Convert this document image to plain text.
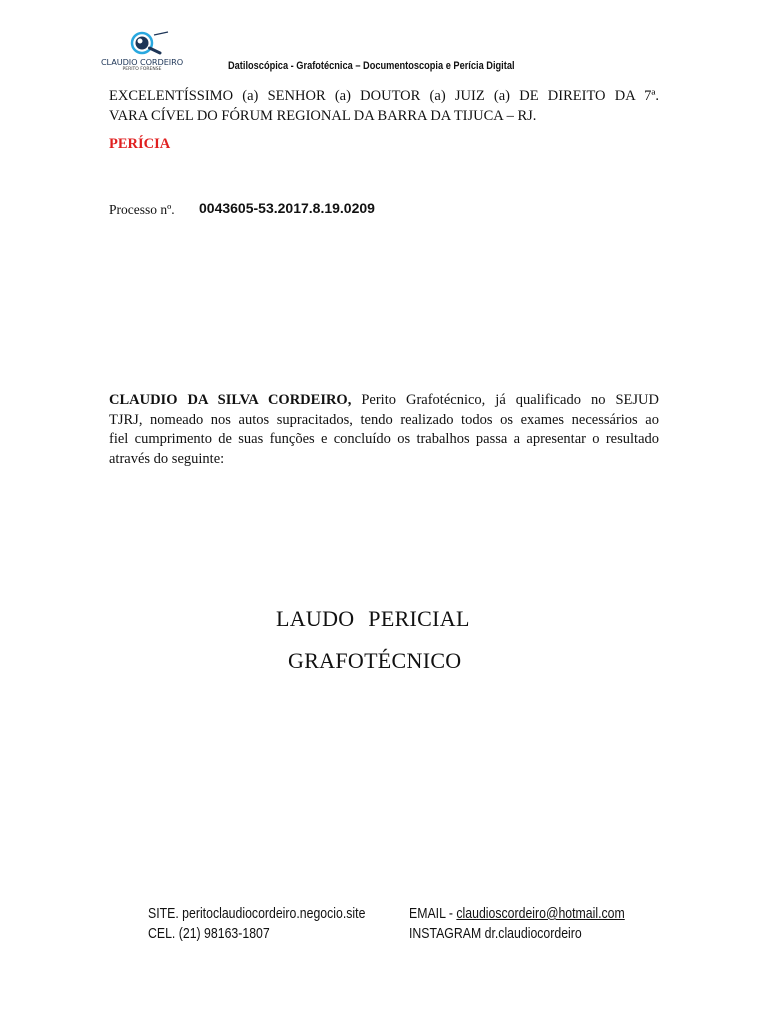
CLAUDIO CORDEIRO
PERITO FORENSE	Datiloscópica - Grafotécnica – Documentoscopia e Perícia Digital
EXCELENTÍSSIMO (a) SENHOR (a) DOUTOR (a) JUIZ (a) DE DIREITO DA 7ª.
VARA CÍVEL DO FÓRUM REGIONAL DA BARRA DA TIJUCA – RJ.
PERÍCIA
Processo nº. 0043605-53.2017.8.19.0209
CLAUDIO DA SILVA CORDEIRO, Perito Grafotécnico, já qualificado no SEJUD
TJRJ, nomeado nos autos supracitados, tendo realizado todos os exames necessários ao
fiel cumprimento de suas funções e concluído os trabalhos passa a apresentar o resultado
através do seguinte:
LAUDO PERICIAL
GRAFOTÉCNICO
SITE. peritoclaudiocordeiro.negocio.site
CEL. (21) 98163-1807
EMAIL - claudioscordeiro@hotmail.com
INSTAGRAM dr.claudiocordeiro
